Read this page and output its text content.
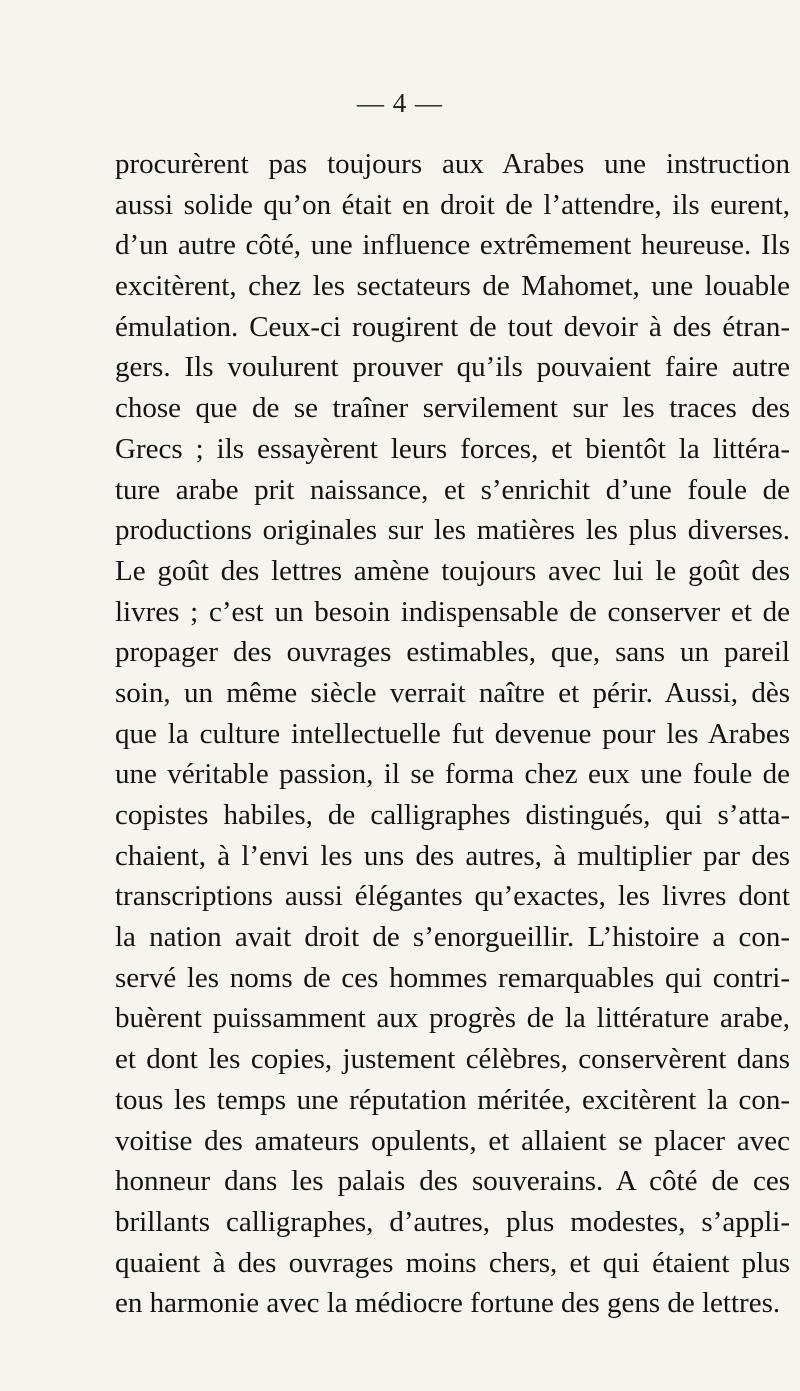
— 4 —
procurèrent pas toujours aux Arabes une instruction
aussi solide qu’on était en droit de l’attendre, ils eurent,
d’un autre côté, une influence extrêmement heureuse. Ils
excitèrent, chez les sectateurs de Mahomet, une louable
émulation. Ceux-ci rougirent de tout devoir à des étran-
gers. Ils voulurent prouver qu’ils pouvaient faire autre
chose que de se traîner servilement sur les traces des
Grecs ; ils essayèrent leurs forces, et bientôt la littéra-
ture arabe prit naissance, et s’enrichit d’une foule de
productions originales sur les matières les plus diverses.
Le goût des lettres amène toujours avec lui le goût des
livres ; c’est un besoin indispensable de conserver et de
propager des ouvrages estimables, que, sans un pareil
soin, un même siècle verrait naître et périr. Aussi, dès
que la culture intellectuelle fut devenue pour les Arabes
une véritable passion, il se forma chez eux une foule de
copistes habiles, de calligraphes distingués, qui s’atta-
chaient, à l’envi les uns des autres, à multiplier par des
transcriptions aussi élégantes qu’exactes, les livres dont
la nation avait droit de s’enorgueillir. L’histoire a con-
servé les noms de ces hommes remarquables qui contri-
buèrent puissamment aux progrès de la littérature arabe,
et dont les copies, justement célèbres, conservèrent dans
tous les temps une réputation méritée, excitèrent la con-
voitise des amateurs opulents, et allaient se placer avec
honneur dans les palais des souverains. A côté de ces
brillants calligraphes, d’autres, plus modestes, s’appli-
quaient à des ouvrages moins chers, et qui étaient plus
en harmonie avec la médiocre fortune des gens de lettres.
